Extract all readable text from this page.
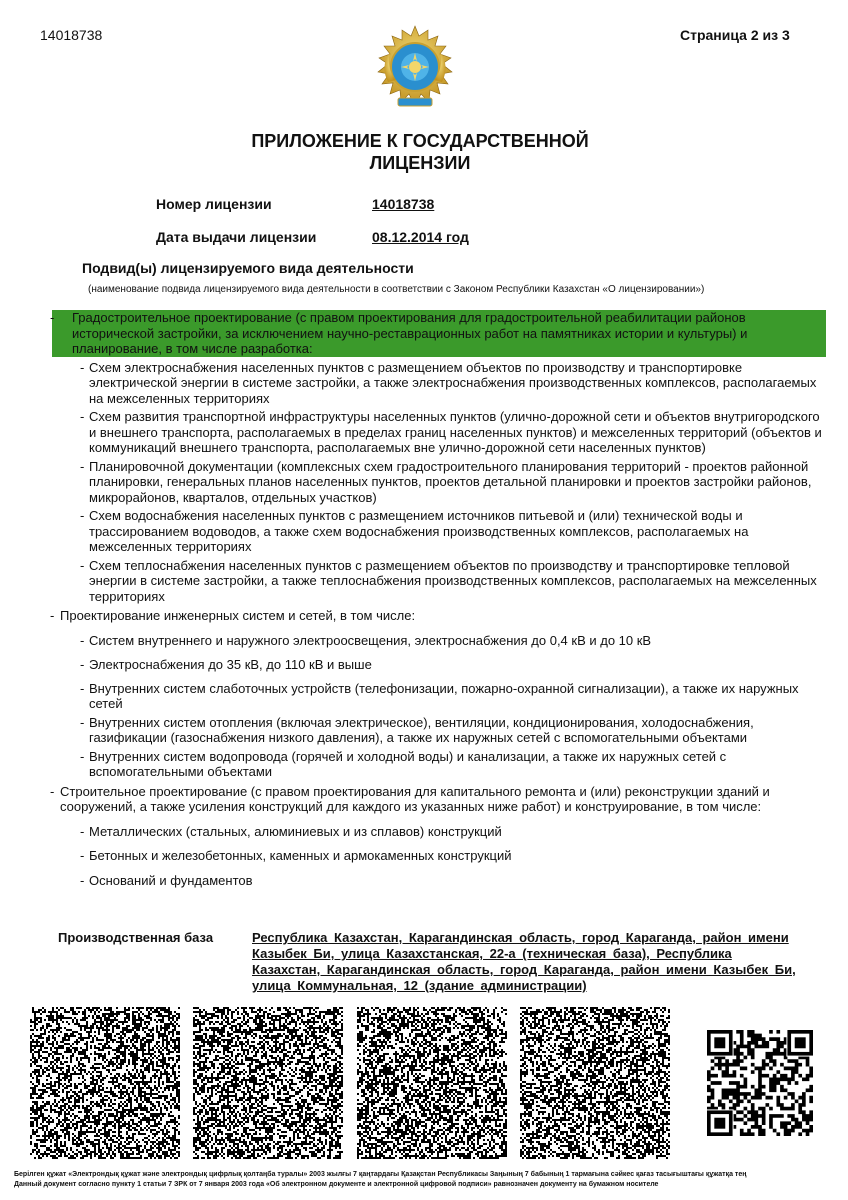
14018738	Страница 2 из 3
ПРИЛОЖЕНИЕ К ГОСУДАРСТВЕННОЙ
ЛИЦЕНЗИИ
Номер лицензии	14018738
Дата выдачи лицензии	08.12.2014 год
Подвид(ы) лицензируемого вида деятельности
(наименование подвида лицензируемого вида деятельности в соответствии с Законом Республики Казахстан «О лицензировании»)
-	Градостроительное проектирование (с правом проектирования для градостроительной реабилитации районов исторической застройки, за исключением научно-реставрационных работ на памятниках истории и культуры) и планирование, в том числе разработка:
- Схем электроснабжения населенных пунктов с размещением объектов по производству и транспортировке электрической энергии в системе застройки, а также электроснабжения производственных комплексов, располагаемых на межселенных территориях
- Схем развития транспортной инфраструктуры населенных пунктов (улично-дорожной сети и объектов внутригородского и внешнего транспорта, располагаемых в пределах границ населенных пунктов) и межселенных территорий (объектов и коммуникаций внешнего транспорта, располагаемых вне улично-дорожной сети населенных пунктов)
- Планировочной документации (комплексных схем градостроительного планирования территорий - проектов районной планировки, генеральных планов населенных пунктов, проектов детальной планировки и проектов застройки районов, микрорайонов, кварталов, отдельных участков)
- Схем водоснабжения населенных пунктов с размещением источников питьевой и (или) технической воды и трассированием водоводов, а также схем водоснабжения производственных комплексов, располагаемых на межселенных территориях
- Схем теплоснабжения населенных пунктов с размещением объектов по производству и транспортировке тепловой энергии в системе застройки, а также теплоснабжения производственных комплексов, располагаемых на межселенных территориях
- Проектирование инженерных систем и сетей, в том числе:
- Систем внутреннего и наружного электроосвещения, электроснабжения до 0,4 кВ и до 10 кВ
- Электроснабжения до 35 кВ, до 110 кВ и выше
- Внутренних систем слаботочных устройств (телефонизации, пожарно-охранной сигнализации), а также их наружных сетей
- Внутренних систем отопления (включая электрическое), вентиляции, кондиционирования, холодоснабжения, газификации (газоснабжения низкого давления), а также их наружных сетей с вспомогательными объектами
- Внутренних систем водопровода (горячей и холодной воды) и канализации, а также их наружных сетей с вспомогательными объектами
- Строительное проектирование (с правом проектирования для капитального ремонта и (или) реконструкции зданий и сооружений, а также усиления конструкций для каждого из указанных ниже работ) и конструирование, в том числе:
- Металлических (стальных, алюминиевых и из сплавов) конструкций
- Бетонных и железобетонных, каменных и армокаменных конструкций
- Оснований и фундаментов
Производственная база	Республика Казахстан, Карагандинская область, город Караганда, район имени Казыбек Би, улица Казахстанская, 22-а (техническая база), Республика Казахстан, Карагандинская область, город Караганда, район имени Казыбек Би, улица Коммунальная, 12 (здание администрации)
Берілген құжат «Электрондық құжат және электрондық цифрлық қолтаңба туралы» 2003 жылғы 7 қаңтардағы Қазақстан Республикасы Заңының 7 бабының 1 тармағына сәйкес қағаз тасығыштағы құжатқа тең
Данный документ согласно пункту 1 статьи 7 ЗРК от 7 января 2003 года «Об электронном документе и электронной цифровой подписи» равнозначен документу на бумажном носителе
